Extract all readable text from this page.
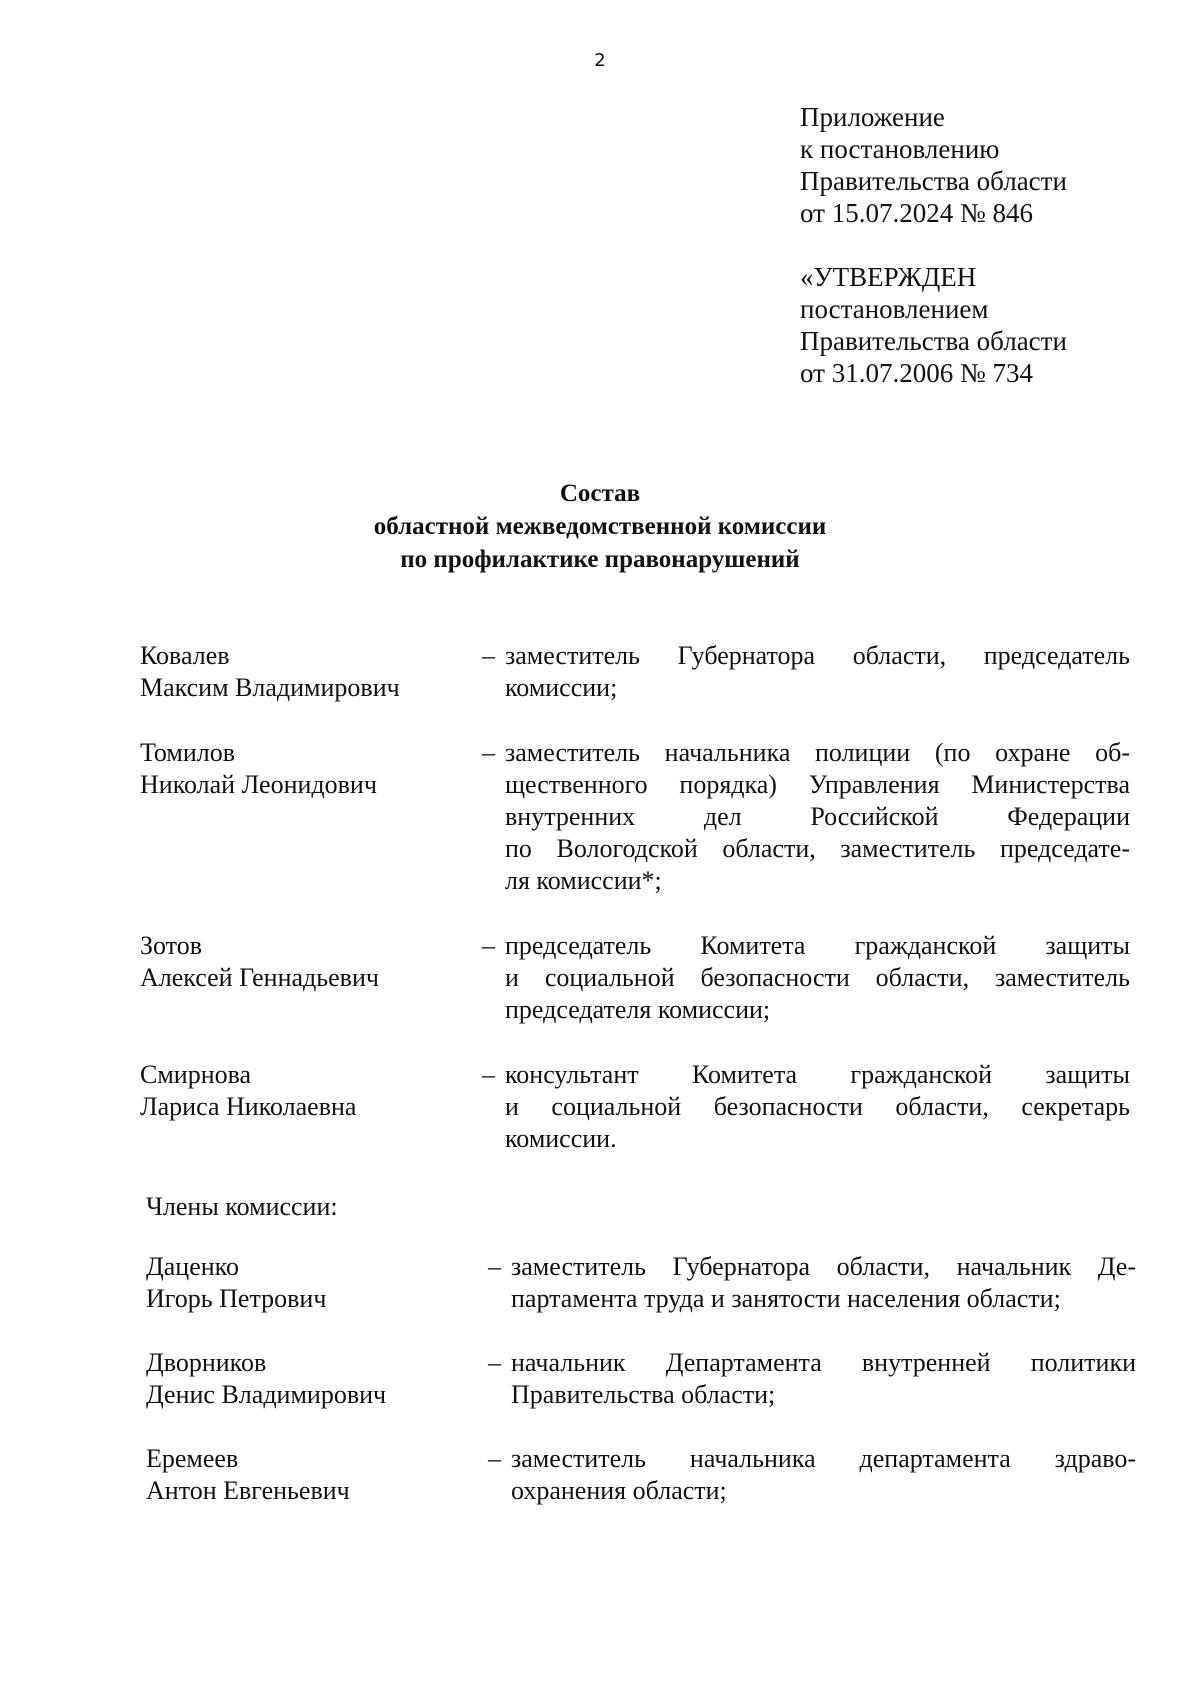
2
Приложение
к постановлению
Правительства области
от 15.07.2024 № 846
«УТВЕРЖДЕН
постановлением
Правительства области
от 31.07.2006 № 734
Состав
областной межведомственной комиссии
по профилактике правонарушений
Ковалев
Максим Владимирович
– заместитель Губернатора области, председатель
комиссии;
Томилов
Николай Леонидович
– заместитель начальника полиции (по охране об-
щественного порядка) Управления Министерства
внутренних дел Российской Федерации
по Вологодской области, заместитель председате-
ля комиссии*;
Зотов
Алексей Геннадьевич
– председатель Комитета гражданской защиты
и социальной безопасности области, заместитель
председателя комиссии;
Смирнова
Лариса Николаевна
– консультант Комитета гражданской защиты
и социальной безопасности области, секретарь
комиссии.
Члены комиссии:
Даценко
Игорь Петрович
– заместитель Губернатора области, начальник Де-
партамента труда и занятости населения области;
Дворников
Денис Владимирович
– начальник Департамента внутренней политики
Правительства области;
Еремеев
Антон Евгеньевич
– заместитель начальника департамента здраво-
охранения области;
